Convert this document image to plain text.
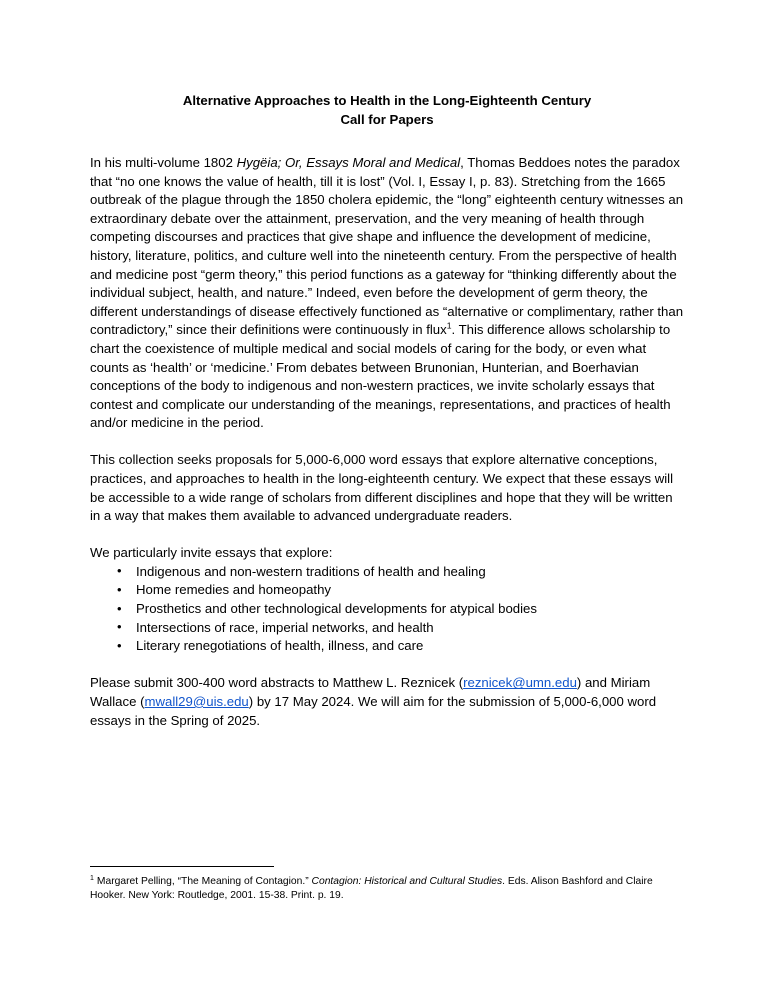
Alternative Approaches to Health in the Long-Eighteenth Century
Call for Papers

In his multi-volume 1802 Hygëia; Or, Essays Moral and Medical, Thomas Beddoes notes the paradox that “no one knows the value of health, till it is lost” (Vol. I, Essay I, p. 83). Stretching from the 1665 outbreak of the plague through the 1850 cholera epidemic, the “long” eighteenth century witnesses an extraordinary debate over the attainment, preservation, and the very meaning of health through competing discourses and practices that give shape and influence the development of medicine, history, literature, politics, and culture well into the nineteenth century. From the perspective of health and medicine post “germ theory,” this period functions as a gateway for “thinking differently about the individual subject, health, and nature.” Indeed, even before the development of germ theory, the different understandings of disease effectively functioned as “alternative or complimentary, rather than contradictory,” since their definitions were continuously in flux$^1$. This difference allows scholarship to chart the coexistence of multiple medical and social models of caring for the body, or even what counts as ‘health’ or ‘medicine.’ From debates between Brunonian, Hunterian, and Boerhavian conceptions of the body to indigenous and non-western practices, we invite scholarly essays that contest and complicate our understanding of the meanings, representations, and practices of health and/or medicine in the period.

This collection seeks proposals for 5,000-6,000 word essays that explore alternative conceptions, practices, and approaches to health in the long-eighteenth century. We expect that these essays will be accessible to a wide range of scholars from different disciplines and hope that they will be written in a way that makes them available to advanced undergraduate readers.

We particularly invite essays that explore:

• Indigenous and non-western traditions of health and healing
• Home remedies and homeopathy
• Prosthetics and other technological developments for atypical bodies
• Intersections of race, imperial networks, and health
• Literary renegotiations of health, illness, and care

Please submit 300-400 word abstracts to Matthew L. Reznicek (reznicek@umn.edu) and Miriam Wallace (mwall29@uis.edu) by 17 May 2024. We will aim for the submission of 5,000-6,000 word essays in the Spring of 2025.

$^1$ Margaret Pelling, “The Meaning of Contagion.” Contagion: Historical and Cultural Studies. Eds. Alison Bashford and Claire Hooker. New York: Routledge, 2001. 15-38. Print. p. 19.
